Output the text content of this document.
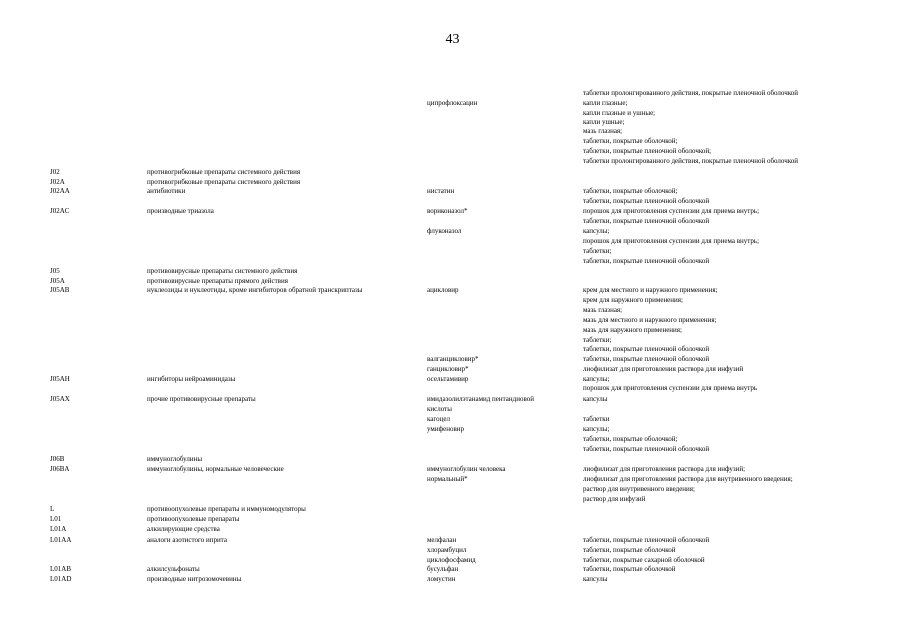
43
таблетки пролонгированного действия, покрытые пленочной оболочкой
ципрофлоксацин	капли глазные;
капли глазные и ушные;
капли ушные;
мазь глазная;
таблетки, покрытые оболочкой;
таблетки, покрытые пленочной оболочкой;
таблетки пролонгированного действия, покрытые пленочной оболочкой
J02	противогрибковые препараты системного действия
J02A	противогрибковые препараты системного действия
J02AA	антибиотики	нистатин	таблетки, покрытые оболочкой;
таблетки, покрытые пленочной оболочкой
J02AC	производные триазола	вориконазол*	порошок для приготовления суспензии для приема внутрь;
таблетки, покрытые пленочной оболочкой
флуконазол	капсулы;
порошок для приготовления суспензии для приема внутрь;
таблетки;
таблетки, покрытые пленочной оболочкой
J05	противовирусные препараты системного действия
J05A	противовирусные препараты прямого действия
J05AB	нуклеозиды и нуклеотиды, кроме ингибиторов обратной транскриптазы	ацикловир	крем для местного и наружного применения;
крем для наружного применения;
мазь глазная;
мазь для местного и наружного применения;
мазь для наружного применения;
таблетки;
таблетки, покрытые пленочной оболочкой
валганцикловир*	таблетки, покрытые пленочной оболочкой
ганцикловир*	лиофилизат для приготовления раствора для инфузий
J05AH	ингибиторы нейроаминидазы	осельтамивир	капсулы;
порошок для приготовления суспензии для приема внутрь
J05AX	прочие противовирусные препараты	имидазолилэтанамид пентандиовой	капсулы
кислоты
кагоцел	таблетки
умифеновир	капсулы;
таблетки, покрытые оболочкой;
таблетки, покрытые пленочной оболочкой
J06B	иммуноглобулины
J06BA	иммуноглобулины, нормальные человеческие	иммуноглобулин человека	лиофилизат для приготовления раствора для инфузий;
нормальный*	лиофилизат для приготовления раствора для внутривенного введения;
раствор для внутривенного введения;
раствор для инфузий
L	противоопухолевые препараты и иммуномодуляторы
L01	противоопухолевые препараты
L01A	алкилирующие средства
L01AA	аналоги азотистого иприта	мелфалан	таблетки, покрытые пленочной оболочкой
хлорамбуцил	таблетки, покрытые оболочкой
циклофосфамид	таблетки, покрытые сахарной оболочкой
L01AB	алкилсульфонаты	бусульфан	таблетки, покрытые оболочкой
L01AD	производные нитрозомочевины	ломустин	капсулы
